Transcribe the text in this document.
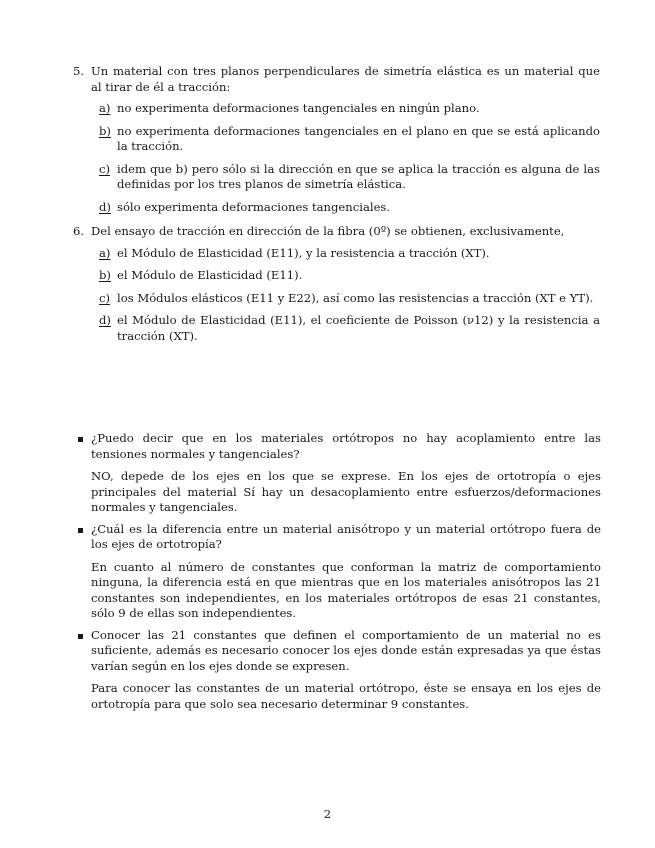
5. Un material con tres planos perpendiculares de simetría elástica es un material que al tirar de él a tracción:
a) no experimenta deformaciones tangenciales en ningún plano.
b) no experimenta deformaciones tangenciales en el plano en que se está aplicando la tracción.
c) idem que b) pero sólo si la dirección en que se aplica la tracción es alguna de las definidas por los tres planos de simetría elástica.
d) sólo experimenta deformaciones tangenciales.
6. Del ensayo de tracción en dirección de la fibra (0º) se obtienen, exclusivamente,
a) el Módulo de Elasticidad (E11), y la resistencia a tracción (XT).
b) el Módulo de Elasticidad (E11).
c) los Módulos elásticos (E11 y E22), así como las resistencias a tracción (XT e YT).
d) el Módulo de Elasticidad (E11), el coeficiente de Poisson (ν12) y la resistencia a tracción (XT).
¿Puedo decir que en los materiales ortótropos no hay acoplamiento entre las tensiones normales y tangenciales?
NO, depede de los ejes en los que se exprese. En los ejes de ortotropía o ejes principales del material Sí hay un desacoplamiento entre esfuerzos/deformaciones normales y tangenciales.
¿Cuál es la diferencia entre un material anisótropo y un material ortótropo fuera de los ejes de ortotropía?
En cuanto al número de constantes que conforman la matriz de comportamiento ninguna, la diferencia está en que mientras que en los materiales anisótropos las 21 constantes son independientes, en los materiales ortótropos de esas 21 constantes, sólo 9 de ellas son independientes.
Conocer las 21 constantes que definen el comportamiento de un material no es suficiente, además es necesario conocer los ejes donde están expresadas ya que éstas varían según en los ejes donde se expresen.
Para conocer las constantes de un material ortótropo, éste se ensaya en los ejes de ortotropía para que solo sea necesario determinar 9 constantes.
2
